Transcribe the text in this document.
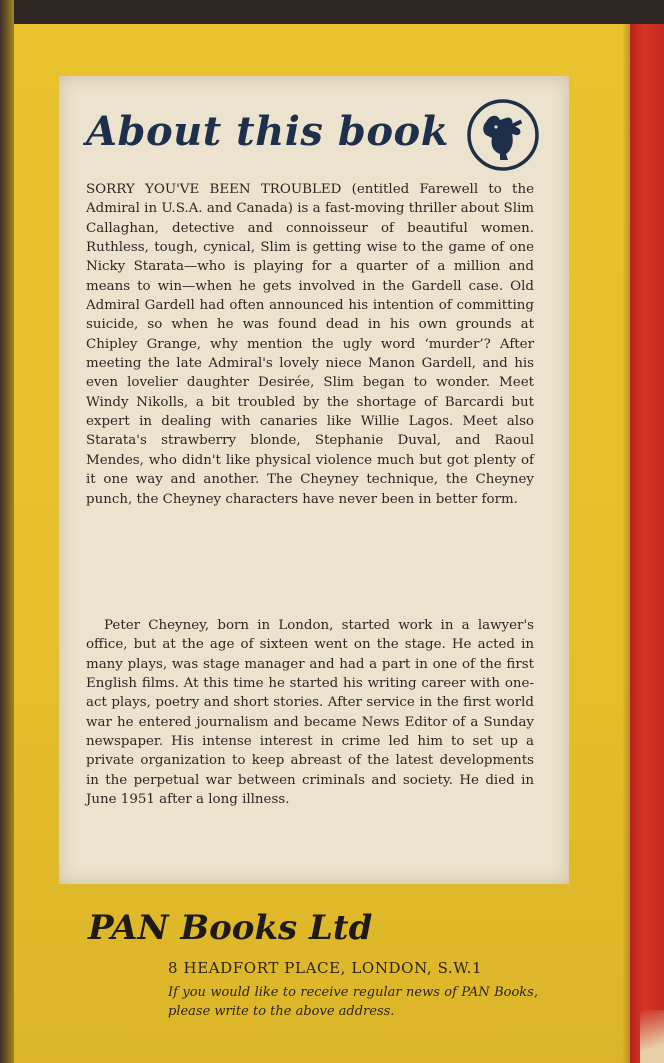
About this book
SORRY YOU'VE BEEN TROUBLED (entitled Farewell to the Admiral in U.S.A. and Canada) is a fast-moving thriller about Slim Callaghan, detective and connoisseur of beautiful women. Ruthless, tough, cynical, Slim is getting wise to the game of one Nicky Starata—who is playing for a quarter of a million and means to win—when he gets involved in the Gardell case. Old Admiral Gardell had often announced his intention of committing suicide, so when he was found dead in his own grounds at Chipley Grange, why mention the ugly word ‘murder’? After meeting the late Admiral's lovely niece Manon Gardell, and his even lovelier daughter Desirée, Slim began to wonder. Meet Windy Nikolls, a bit troubled by the shortage of Barcardi but expert in dealing with canaries like Willie Lagos. Meet also Starata's strawberry blonde, Stephanie Duval, and Raoul Mendes, who didn't like physical violence much but got plenty of it one way and another. The Cheyney technique, the Cheyney punch, the Cheyney characters have never been in better form.
Peter Cheyney, born in London, started work in a lawyer's office, but at the age of sixteen went on the stage. He acted in many plays, was stage manager and had a part in one of the first English films. At this time he started his writing career with one-act plays, poetry and short stories. After service in the first world war he entered journalism and became News Editor of a Sunday newspaper. His intense interest in crime led him to set up a private organization to keep abreast of the latest developments in the perpetual war between criminals and society. He died in June 1951 after a long illness.
PAN Books Ltd
8 HEADFORT PLACE, LONDON, S.W.1
If you would like to receive regular news of PAN Books, please write to the above address.
